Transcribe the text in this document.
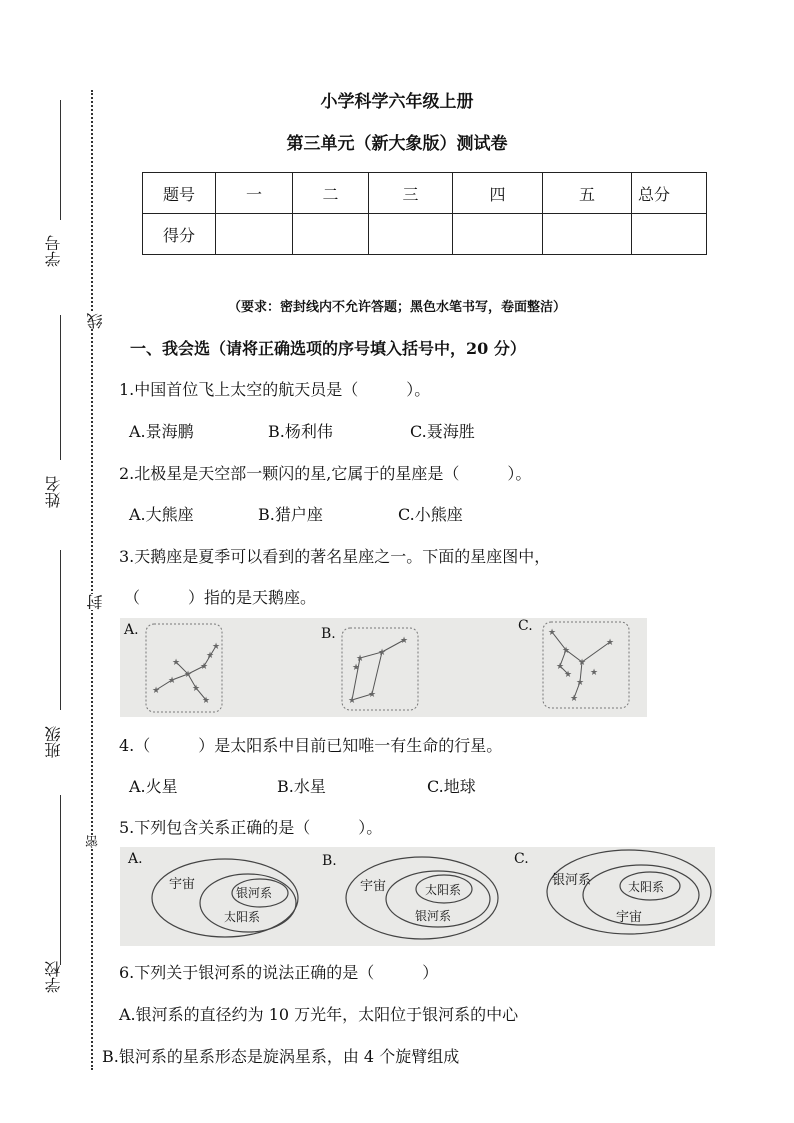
学号
姓名
班级
学校
线
封
密
小学科学六年级上册
第三单元（新大象版）测试卷
题号	一	二	三	四	五	总分
得分						
（要求：密封线内不允许答题；黑色水笔书写，卷面整洁）
一、我会选（请将正确选项的序号填入括号中，20 分）
1.中国首位飞上太空的航天员是（　　　）。
A.景海鹏	B.杨利伟	C.聂海胜
2.北极星是天空部一颗闪的星,它属于的星座是（　　　）。
A.大熊座	B.猎户座	C.小熊座
3.天鹅座是夏季可以看到的著名星座之一。下面的星座图中，
（　　　）指的是天鹅座。
A.	B.	C.
★
★
★
★
★
★
★
★
★
★
★
★
★
★
★
★
★
★
★
★
★
★
★ ★
4.（　　　）是太阳系中目前已知唯一有生命的行星。
A.火星	B.水星	C.地球
5.下列包含关系正确的是（　　　）。
A.	B.	C.
宇宙
银河系
太阳系
宇宙	太阳系
银河系
银河系	太阳系
宇宙
6.下列关于银河系的说法正确的是（　　　）
A.银河系的直径约为 10 万光年，太阳位于银河系的中心
B.银河系的星系形态是旋涡星系，由 4 个旋臂组成
